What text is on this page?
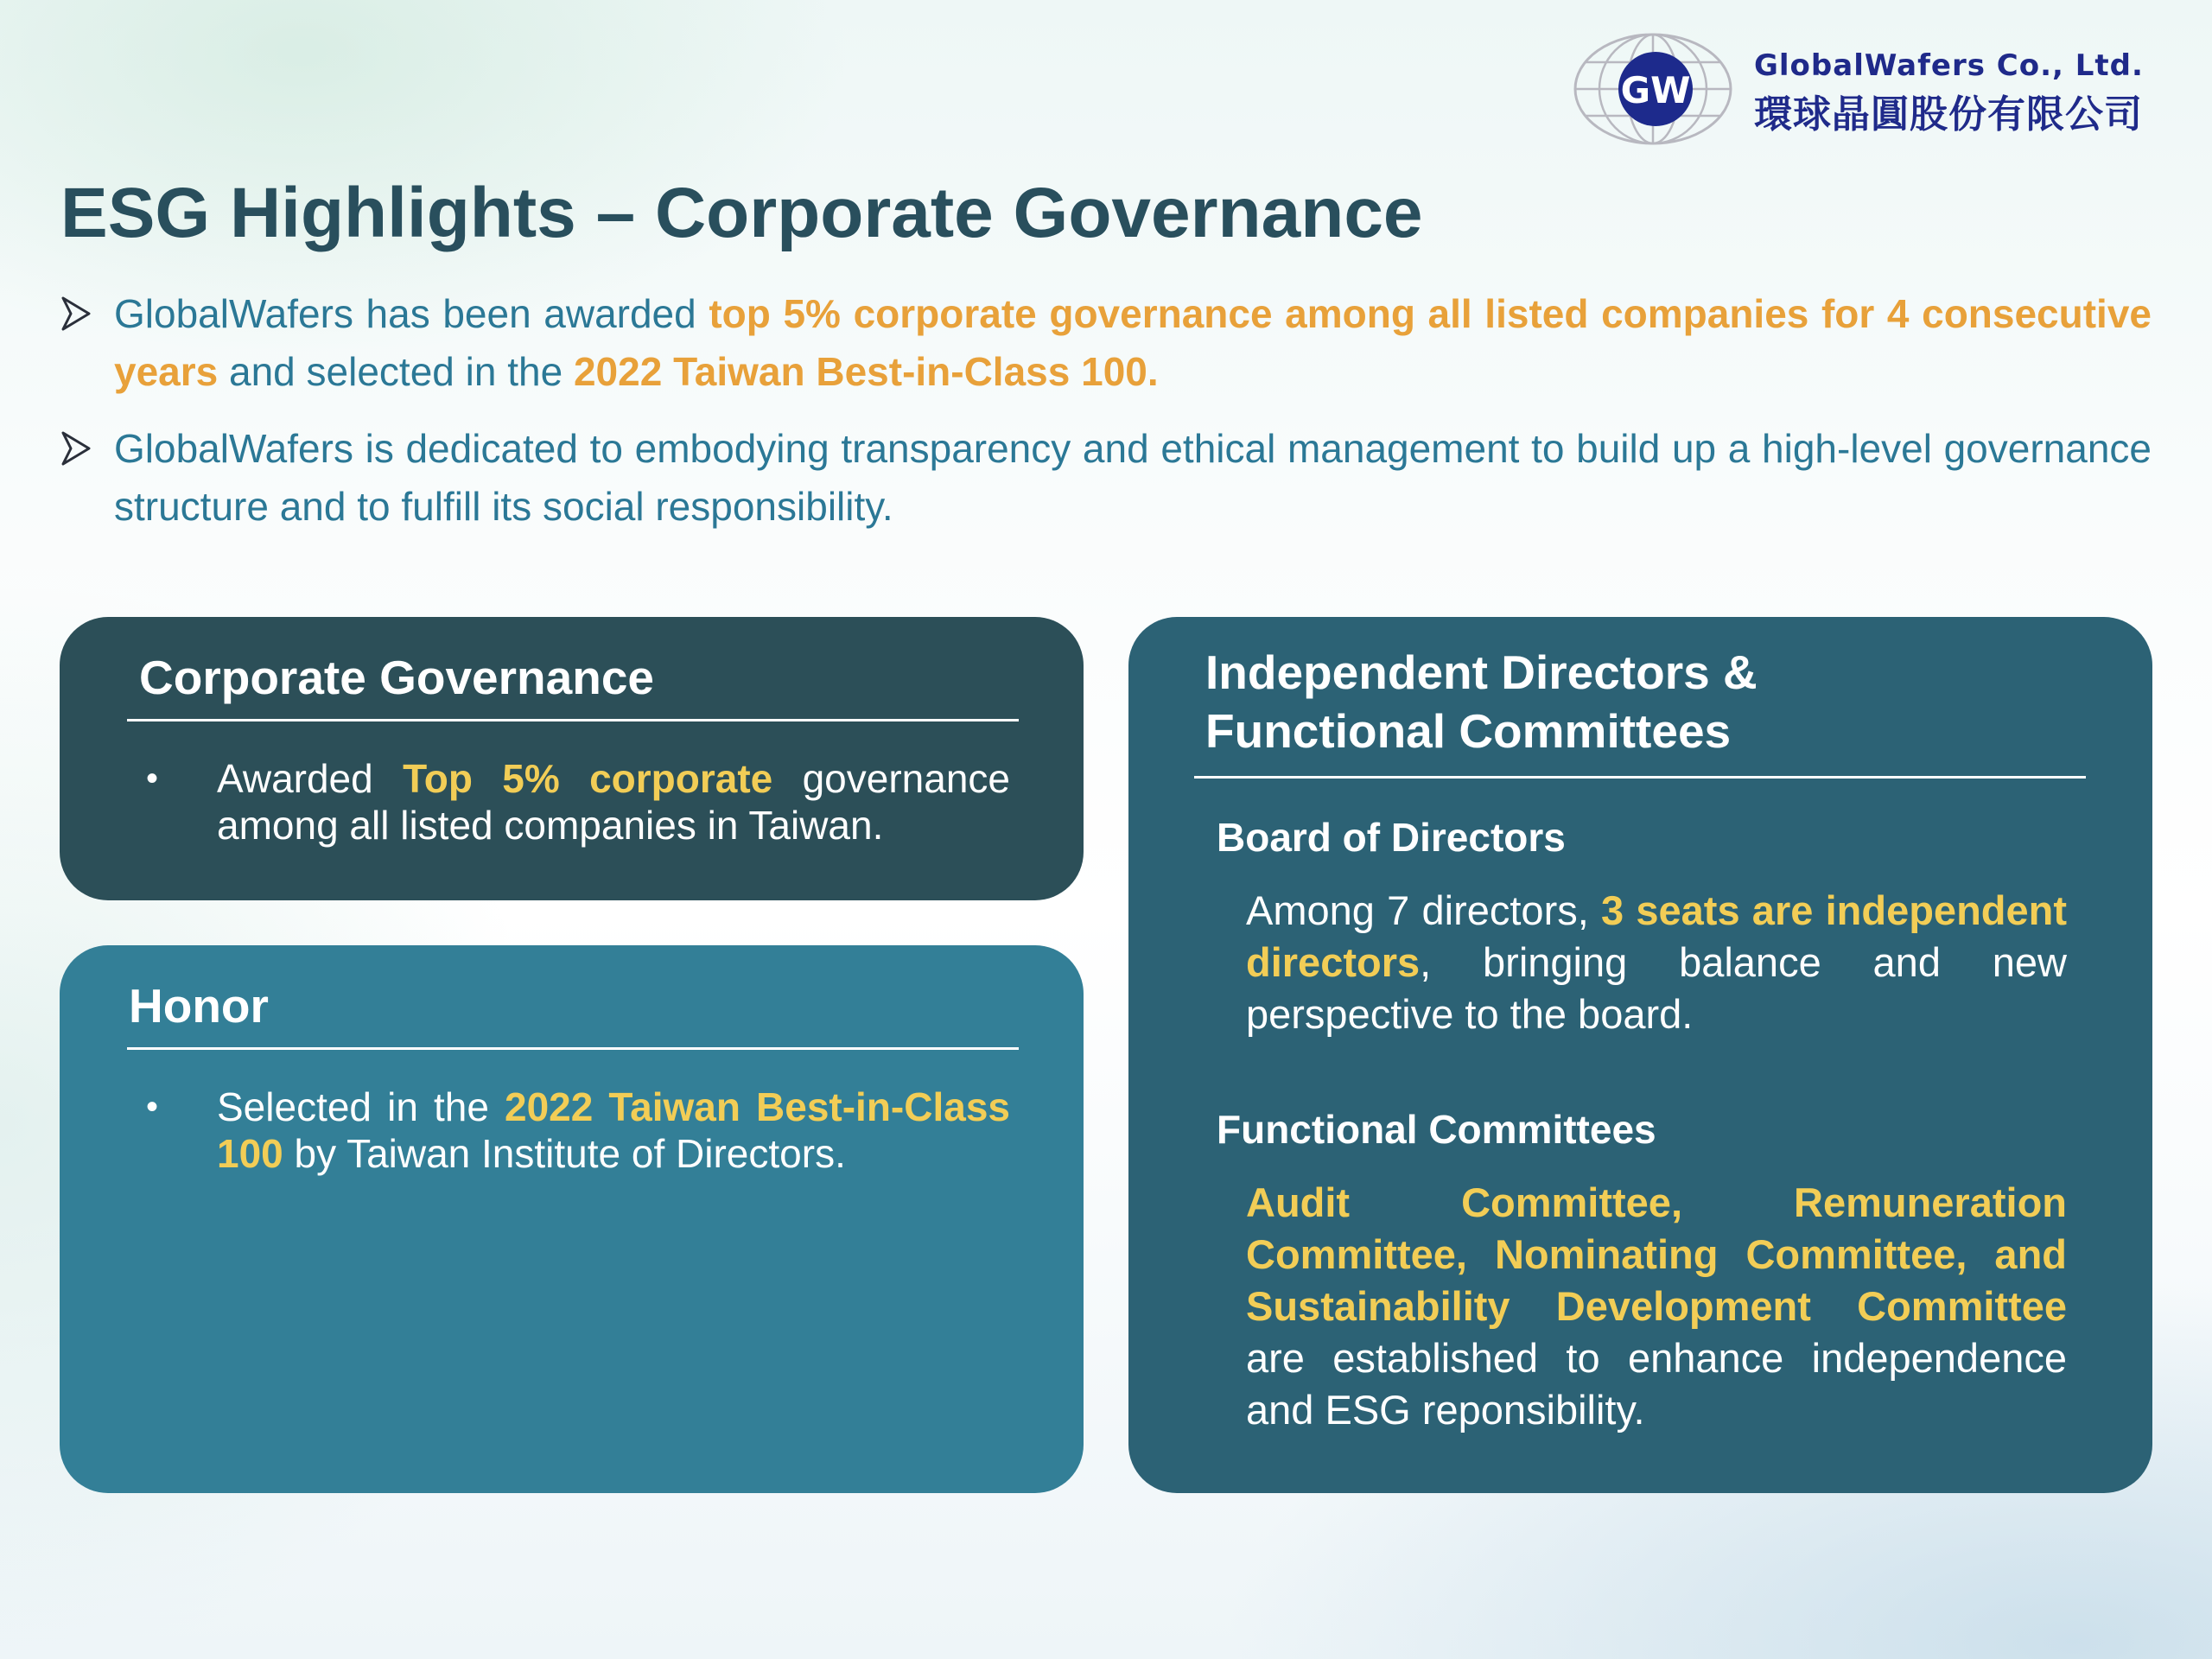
GW
GlobalWafers Co., Ltd.
環球晶圓股份有限公司
ESG Highlights – Corporate Governance
GlobalWafers has been awarded top 5% corporate governance among all listed companies for 4 consecutive years and selected in the 2022 Taiwan Best-in-Class 100.
GlobalWafers is dedicated to embodying transparency and ethical management to build up a high-level governance structure and to fulfill its social responsibility.
Corporate Governance
• Awarded Top 5% corporate governance among all listed companies in Taiwan.
Honor
• Selected in the 2022 Taiwan Best-in-Class 100 by Taiwan Institute of Directors.
Independent Directors &
Functional Committees
Board of Directors
Among 7 directors, 3 seats are independent directors, bringing balance and new perspective to the board.
Functional Committees
Audit Committee, Remuneration Committee, Nominating Committee, and Sustainability Development Committee are established to enhance independence and ESG reponsibility.
